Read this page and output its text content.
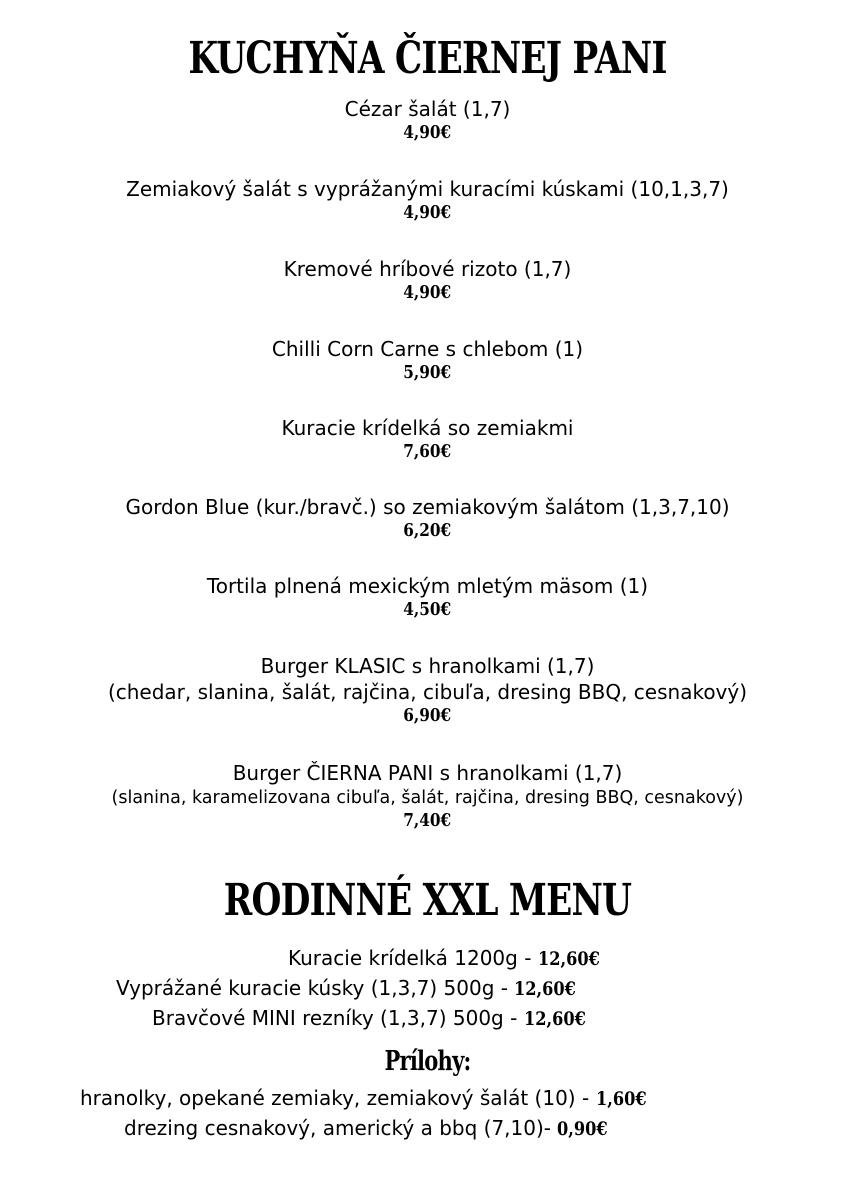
KUCHYŇA ČIERNEJ PANI
Cézar šalát (1,7)
4,90€
Zemiakový šalát s vyprážanými kuracími kúskami (10,1,3,7)
4,90€
Kremové hríbové rizoto (1,7)
4,90€
Chilli Corn Carne s chlebom (1)
5,90€
Kuracie krídelká so zemiakmi
7,60€
Gordon Blue (kur./bravč.) so zemiakovým šalátom (1,3,7,10)
6,20€
Tortila plnená mexickým mletým mäsom (1)
4,50€
Burger KLASIC s hranolkami (1,7)
(chedar, slanina, šalát, rajčina, cibuľa, dresing BBQ, cesnakový)
6,90€
Burger ČIERNA PANI s hranolkami (1,7)
(slanina, karamelizovana cibuľa, šalát, rajčina, dresing BBQ, cesnakový)
7,40€
RODINNÉ XXL MENU
Kuracie krídelká 1200g - 12,60€
Vyprážané kuracie kúsky (1,3,7) 500g - 12,60€
Bravčové MINI rezníky (1,3,7) 500g - 12,60€
Prílohy:
hranolky, opekané zemiaky, zemiakový šalát (10) - 1,60€
drezing cesnakový, americký a bbq (7,10)- 0,90€
